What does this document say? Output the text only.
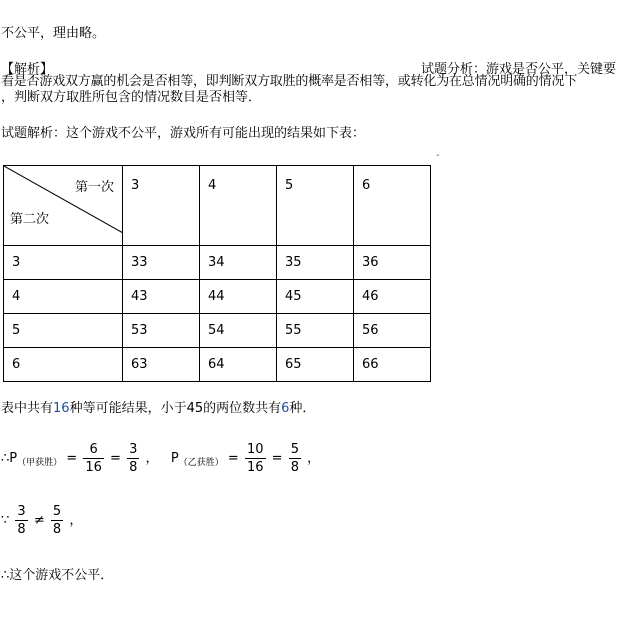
不公平，理由略。
【解析】	试题分析：游戏是否公平，关键要
看是否游戏双方赢的机会是否相等，即判断双方取胜的概率是否相等，或转化为在总情况明确的情况下
，判断双方取胜所包含的情况数目是否相等．
试题解析：这个游戏不公平，游戏所有可能出现的结果如下表：
-
第一次
第二次	3	4	5	6
3	33	34	35	36
4	43	44	45	46
5	53	54	55	56
6	63	64	65	66
表中共有16种等可能结果，小于45的两位数共有6种．
$\therefore P_{(甲获胜)} = \frac{6}{16} = \frac{3}{8}$ ， $P_{(乙获胜)} = \frac{10}{16} = \frac{5}{8}$ ，
∵ $\frac{3}{8} \ne \frac{5}{8}$ ，
∴这个游戏不公平．
